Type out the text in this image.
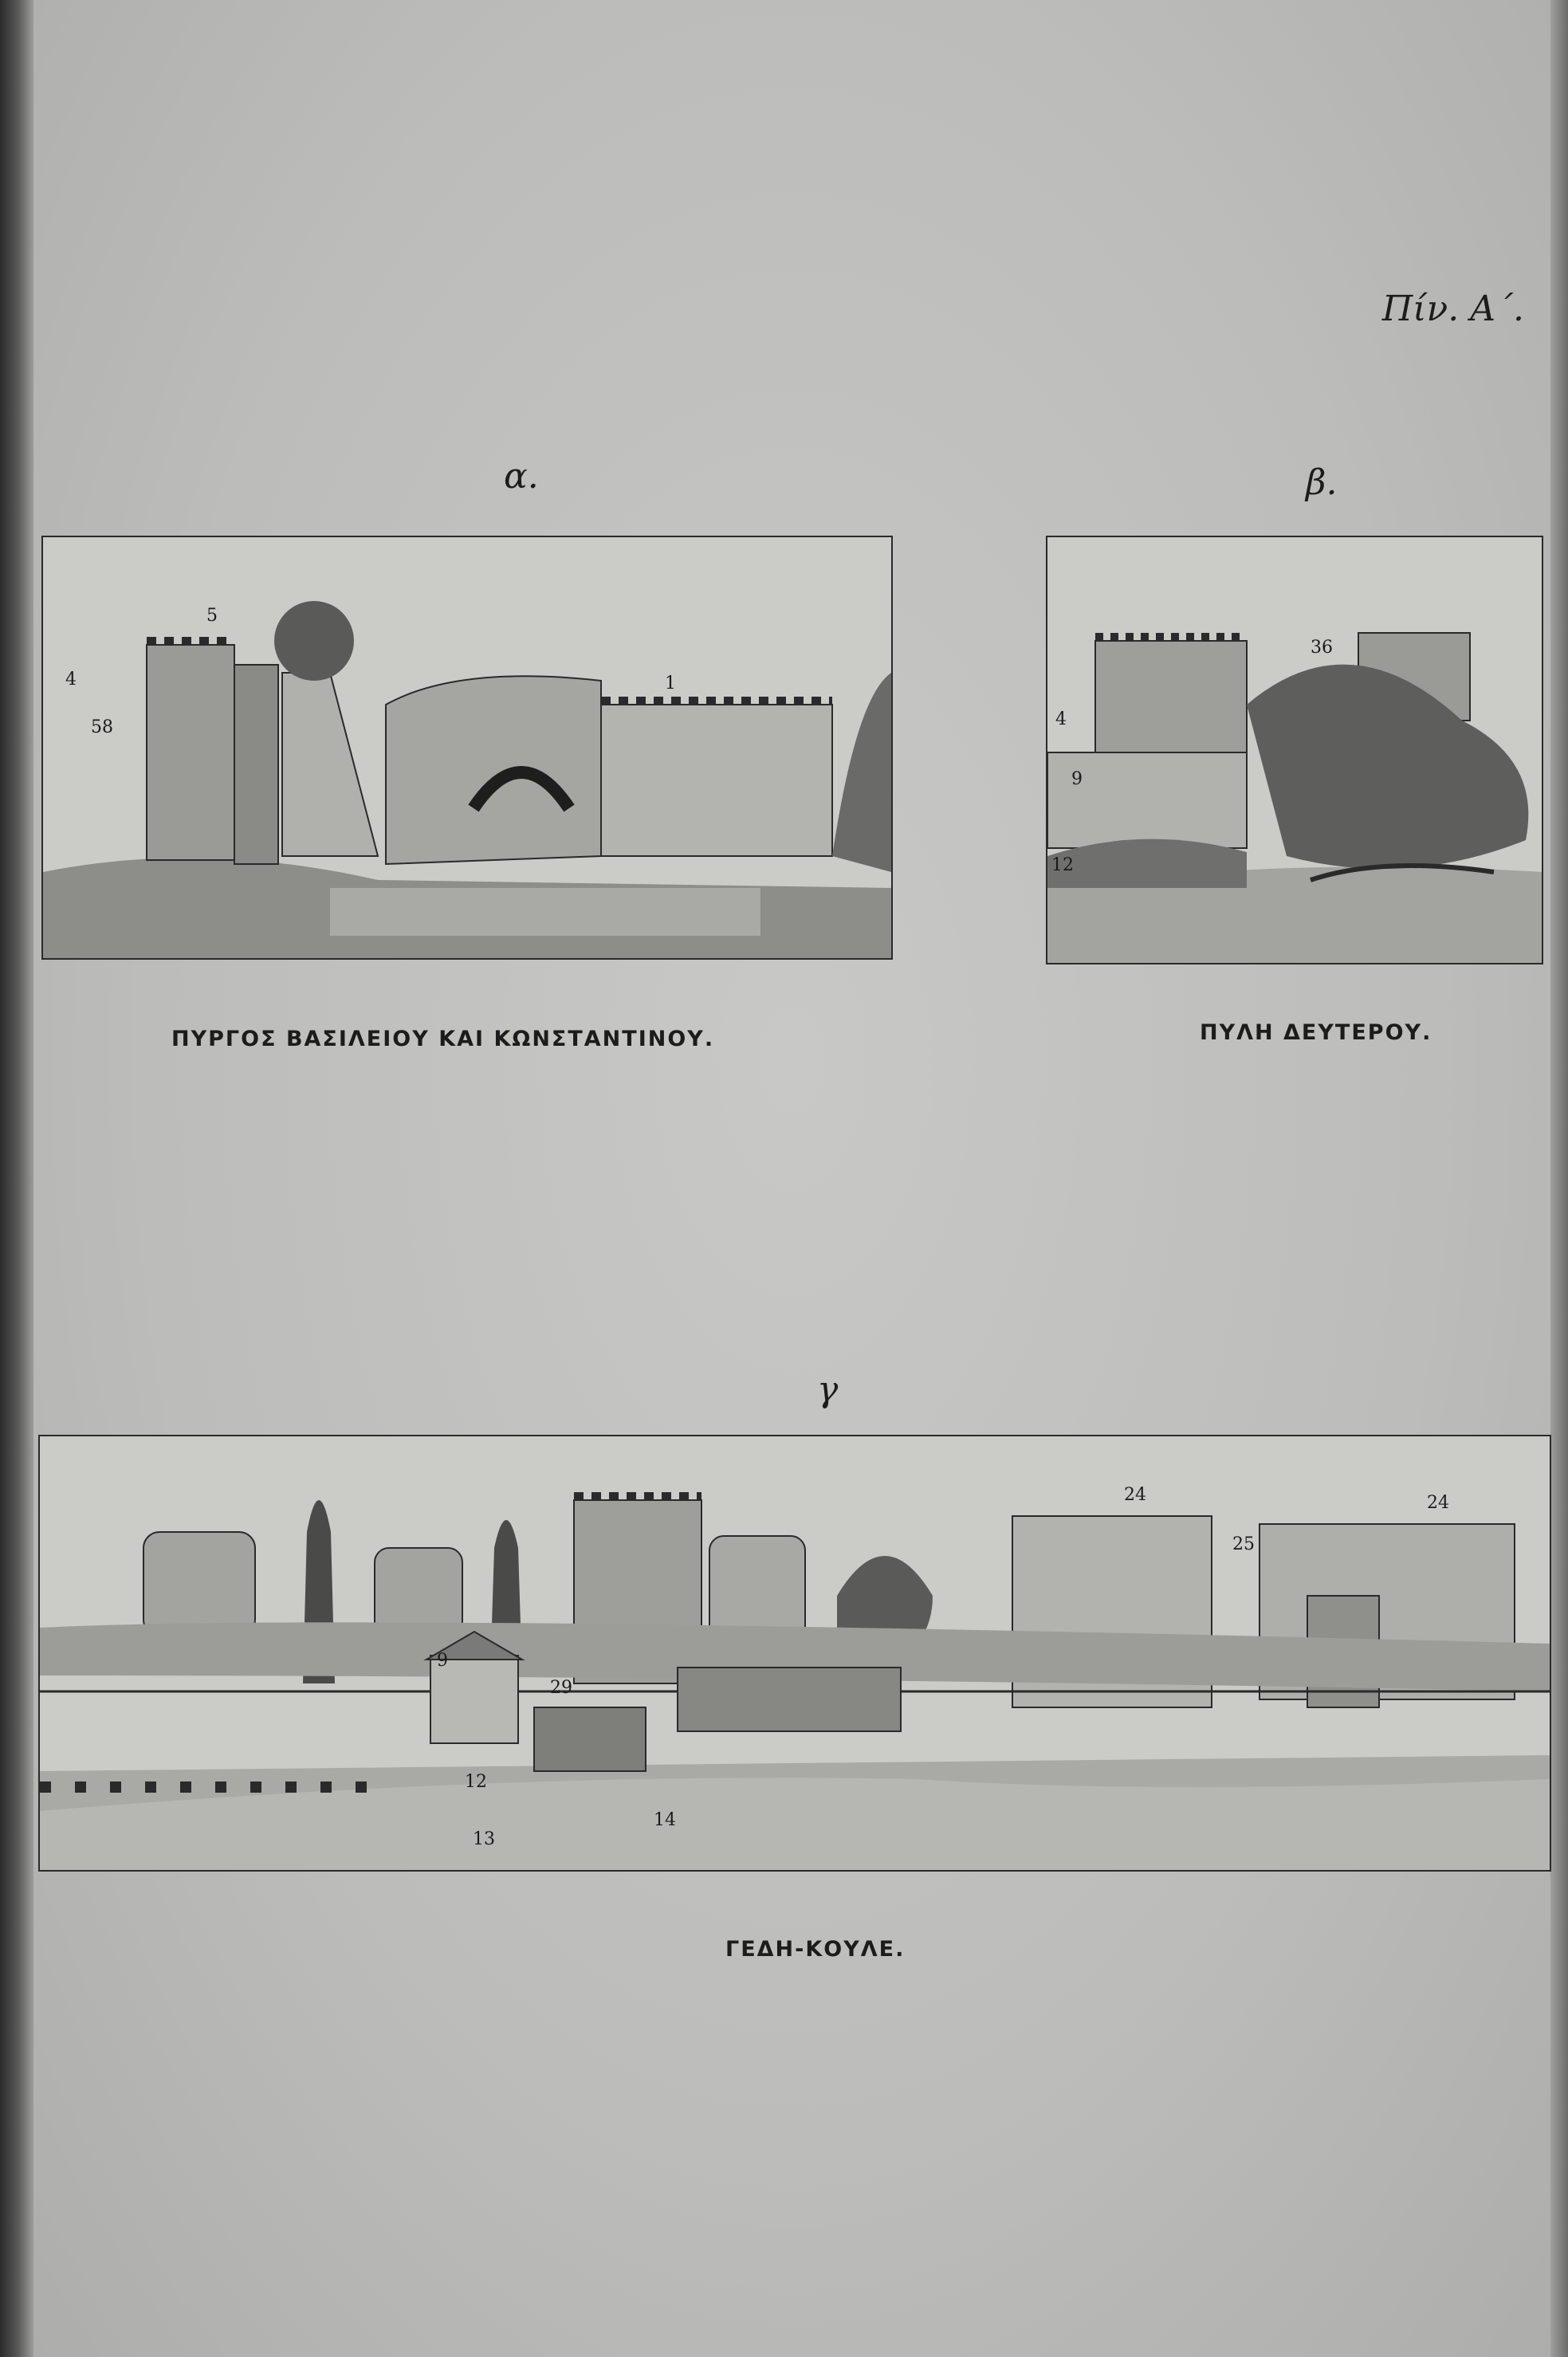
Πίν. Α΄.
α.
5
1
4
58
ΠΥΡΓΟΣ ΒΑΣΙΛΕΙΟΥ ΚΑΙ ΚΩΝΣΤΑΝΤΙΝΟΥ.
β.
36
4
9
12
ΠΥΛΗ ΔΕΥΤΕΡΟΥ.
γ
24	24
25
29
9
12
13
14
ΓΕΔΗ-ΚΟΥΛΕ.
